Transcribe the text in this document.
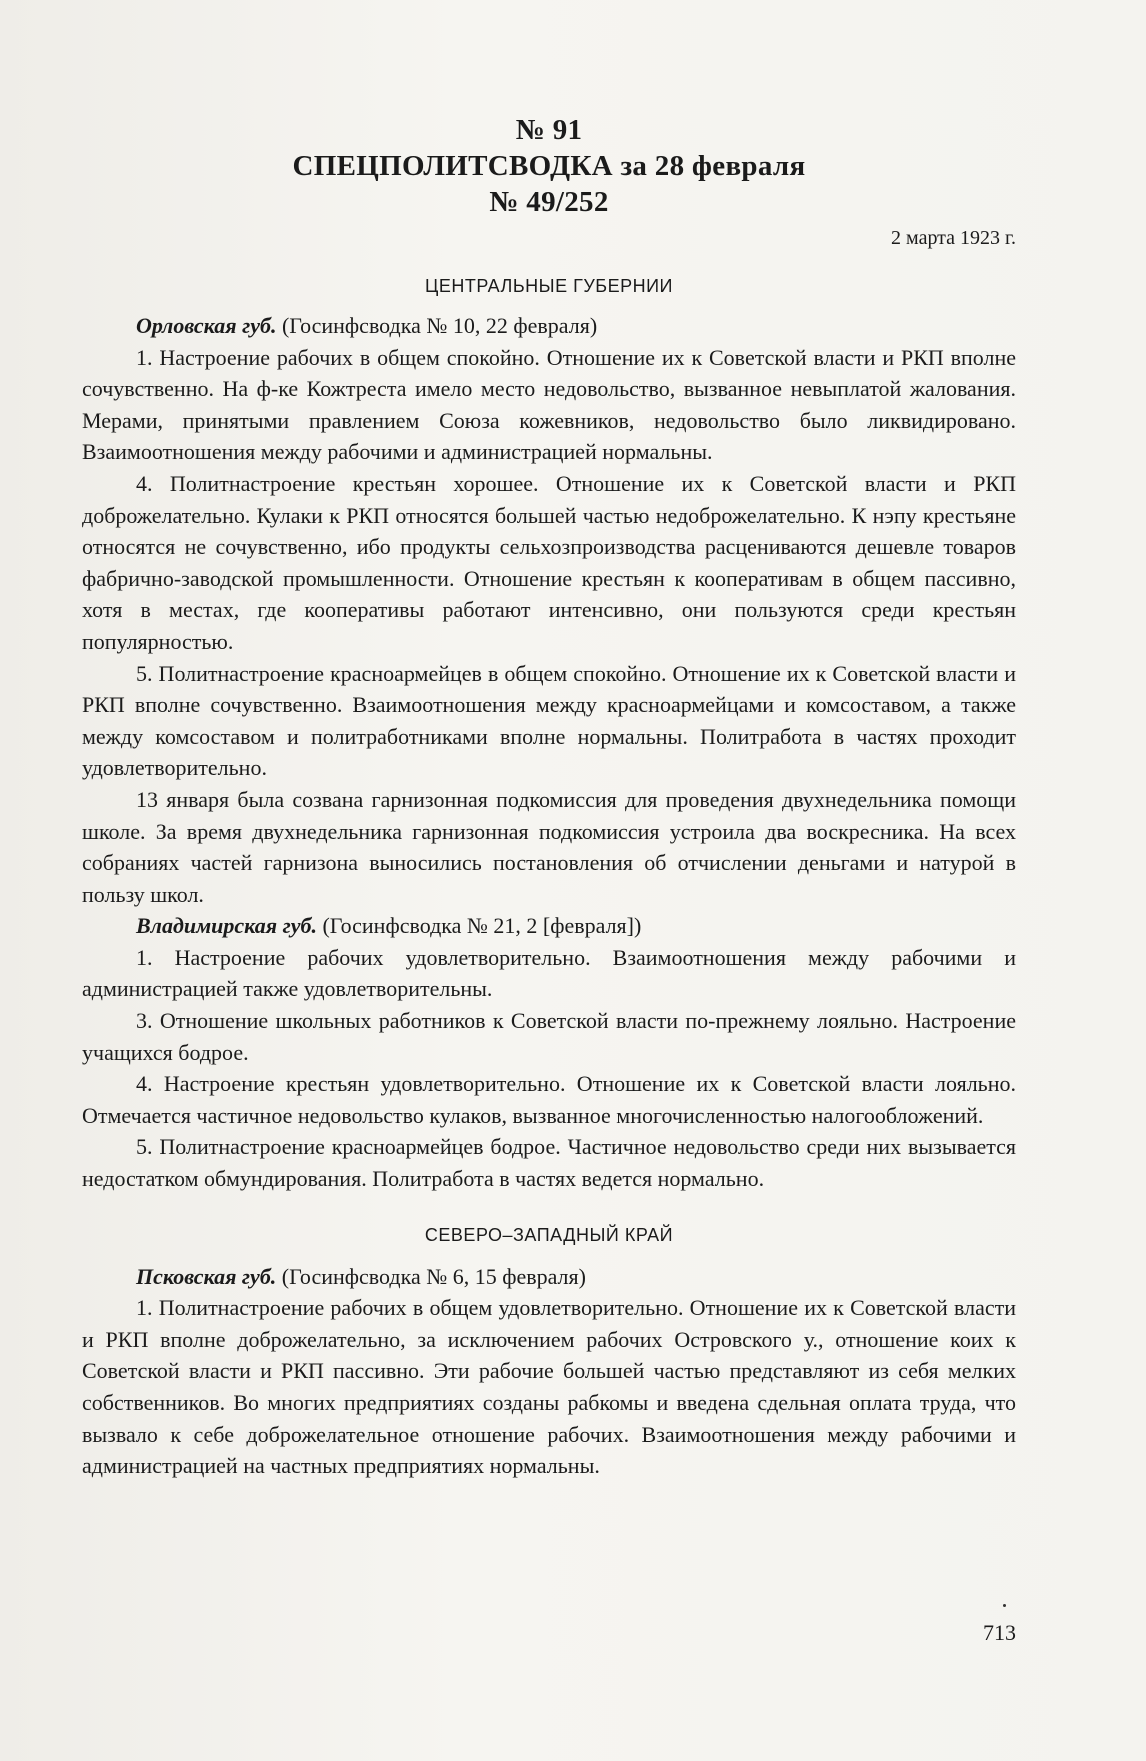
№ 91
СПЕЦПОЛИТСВОДКА за 28 февраля
№ 49/252
2 марта 1923 г.
ЦЕНТРАЛЬНЫЕ ГУБЕРНИИ

Орловская губ. (Госинфсводка № 10, 22 февраля)

1. Настроение рабочих в общем спокойно. Отношение их к Советской власти и РКП вполне сочувственно. На ф-ке Кожтреста имело место недовольство, вызванное невыплатой жалования. Мерами, принятыми правлением Союза кожевников, недовольство было ликвидировано. Взаимоотношения между рабочими и администрацией нормальны.

4. Политнастроение крестьян хорошее. Отношение их к Советской власти и РКП доброжелательно. Кулаки к РКП относятся большей частью недоброжелательно. К нэпу крестьяне относятся не сочувственно, ибо продукты сельхозпроизводства расцениваются дешевле товаров фабрично-заводской промышленности. Отношение крестьян к кооперативам в общем пассивно, хотя в местах, где кооперативы работают интенсивно, они пользуются среди крестьян популярностью.

5. Политнастроение красноармейцев в общем спокойно. Отношение их к Советской власти и РКП вполне сочувственно. Взаимоотношения между красноармейцами и комсоставом, а также между комсоставом и политработниками вполне нормальны. Политработа в частях проходит удовлетворительно.

13 января была созвана гарнизонная подкомиссия для проведения двухнедельника помощи школе. За время двухнедельника гарнизонная подкомиссия устроила два воскресника. На всех собраниях частей гарнизона выносились постановления об отчислении деньгами и натурой в пользу школ.

Владимирская губ. (Госинфсводка № 21, 2 [февраля])

1. Настроение рабочих удовлетворительно. Взаимоотношения между рабочими и администрацией также удовлетворительны.

3. Отношение школьных работников к Советской власти по-прежнему лояльно. Настроение учащихся бодрое.

4. Настроение крестьян удовлетворительно. Отношение их к Советской власти лояльно. Отмечается частичное недовольство кулаков, вызванное многочисленностью налогообложений.

5. Политнастроение красноармейцев бодрое. Частичное недовольство среди них вызывается недостатком обмундирования. Политработа в частях ведется нормально.

СЕВЕРО–ЗАПАДНЫЙ КРАЙ

Псковская губ. (Госинфсводка № 6, 15 февраля)

1. Политнастроение рабочих в общем удовлетворительно. Отношение их к Советской власти и РКП вполне доброжелательно, за исключением рабочих Островского у., отношение коих к Советской власти и РКП пассивно. Эти рабочие большей частью представляют из себя мелких собственников. Во многих предприятиях созданы рабкомы и введена сдельная оплата труда, что вызвало к себе доброжелательное отношение рабочих. Взаимоотношения между рабочими и администрацией на частных предприятиях нормальны.

713
